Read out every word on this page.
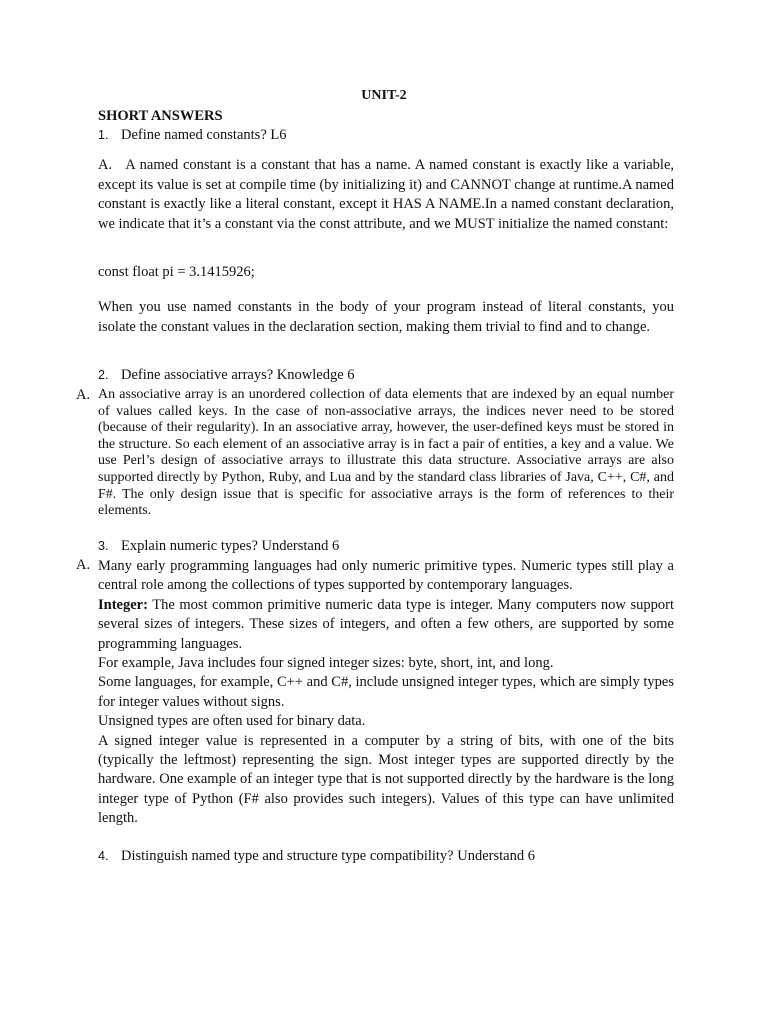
UNIT-2
SHORT ANSWERS
1. Define named constants? L6
A. A named constant is a constant that has a name. A named constant is exactly like a variable, except its value is set at compile time (by initializing it) and CANNOT change at runtime.A named constant is exactly like a literal constant, except it HAS A NAME.In a named constant declaration, we indicate that it’s a constant via the const attribute, and we MUST initialize the named constant:
const float pi = 3.1415926;
When you use named constants in the body of your program instead of literal constants, you isolate the constant values in the declaration section, making them trivial to find and to change.
2. Define associative arrays? Knowledge 6
A. An associative array is an unordered collection of data elements that are indexed by an equal number of values called keys. In the case of non-associative arrays, the indices never need to be stored (because of their regularity). In an associative array, however, the user-defined keys must be stored in the structure. So each element of an associative array is in fact a pair of entities, a key and a value. We use Perl’s design of associative arrays to illustrate this data structure. Associative arrays are also supported directly by Python, Ruby, and Lua and by the standard class libraries of Java, C++, C#, and F#. The only design issue that is specific for associative arrays is the form of references to their elements.
3. Explain numeric types? Understand 6
A. Many early programming languages had only numeric primitive types. Numeric types still play a central role among the collections of types supported by contemporary languages.

Integer: The most common primitive numeric data type is integer. Many computers now support several sizes of integers. These sizes of integers, and often a few others, are supported by some programming languages.

For example, Java includes four signed integer sizes: byte, short, int, and long.

Some languages, for example, C++ and C#, include unsigned integer types, which are simply types for integer values without signs.

Unsigned types are often used for binary data.

A signed integer value is represented in a computer by a string of bits, with one of the bits (typically the leftmost) representing the sign. Most integer types are supported directly by the hardware. One example of an integer type that is not supported directly by the hardware is the long integer type of Python (F# also provides such integers). Values of this type can have unlimited length.

4. Distinguish named type and structure type compatibility? Understand 6
